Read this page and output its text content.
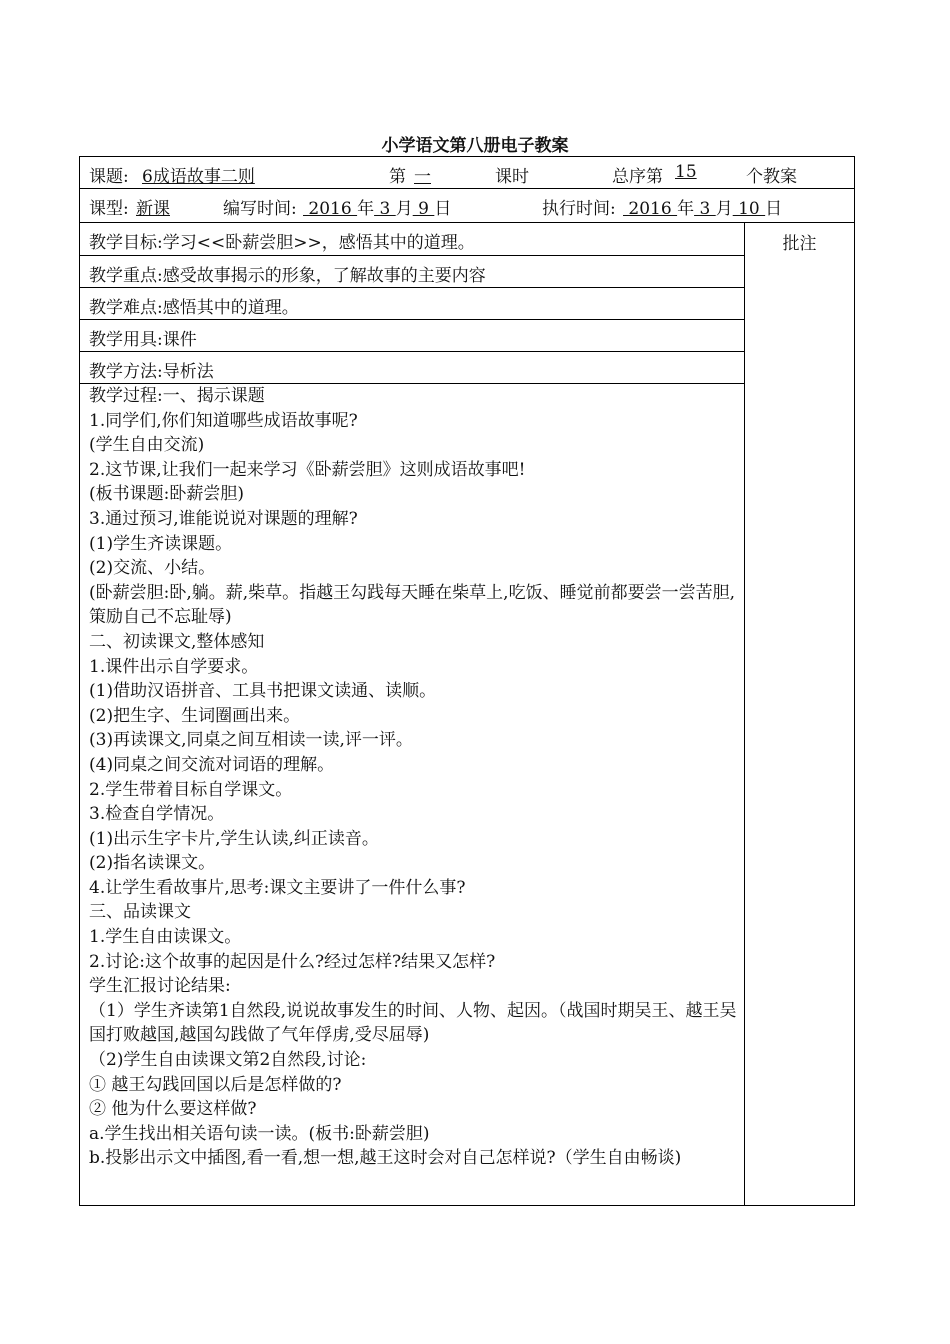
小学语文第八册电子教案
课题: 6成语故事二则	第 一	课时	总序第 15	个教案
课型: 新课	编写时间: 2016 年 3 月 9 日	执行时间: 2016 年 3 月 10 日
教学目标:学习<<卧薪尝胆>>，感悟其中的道理。
教学重点:感受故事揭示的形象，了解故事的主要内容
教学难点:感悟其中的道理。
教学用具:课件
教学方法:导析法
批注
教学过程:一、揭示课题
1.同学们,你们知道哪些成语故事呢?
(学生自由交流)
2.这节课,让我们一起来学习《卧薪尝胆》这则成语故事吧!
(板书课题:卧薪尝胆)
3.通过预习,谁能说说对课题的理解?
(1)学生齐读课题。
(2)交流、小结。
(卧薪尝胆:卧,躺。薪,柴草。指越王勾践每天睡在柴草上,吃饭、睡觉前都要尝一尝苦胆,策励自己不忘耻辱)
二、初读课文,整体感知
1.课件出示自学要求。
(1)借助汉语拼音、工具书把课文读通、读顺。
(2)把生字、生词圈画出来。
(3)再读课文,同桌之间互相读一读,评一评。
(4)同桌之间交流对词语的理解。
2.学生带着目标自学课文。
3.检查自学情况。
(1)出示生字卡片,学生认读,纠正读音。
(2)指名读课文。
4.让学生看故事片,思考:课文主要讲了一件什么事?
三、品读课文
1.学生自由读课文。
2.讨论:这个故事的起因是什么?经过怎样?结果又怎样?
学生汇报讨论结果:
（1）学生齐读第1自然段,说说故事发生的时间、人物、起因。（战国时期吴王、越王吴国打败越国,越国勾践做了气年俘虏,受尽屈辱)
（2)学生自由读课文第2自然段,讨论:
① 越王勾践回国以后是怎样做的?
② 他为什么要这样做?
a.学生找出相关语句读一读。(板书:卧薪尝胆)
b.投影出示文中插图,看一看,想一想,越王这时会对自己怎样说?（学生自由畅谈)
